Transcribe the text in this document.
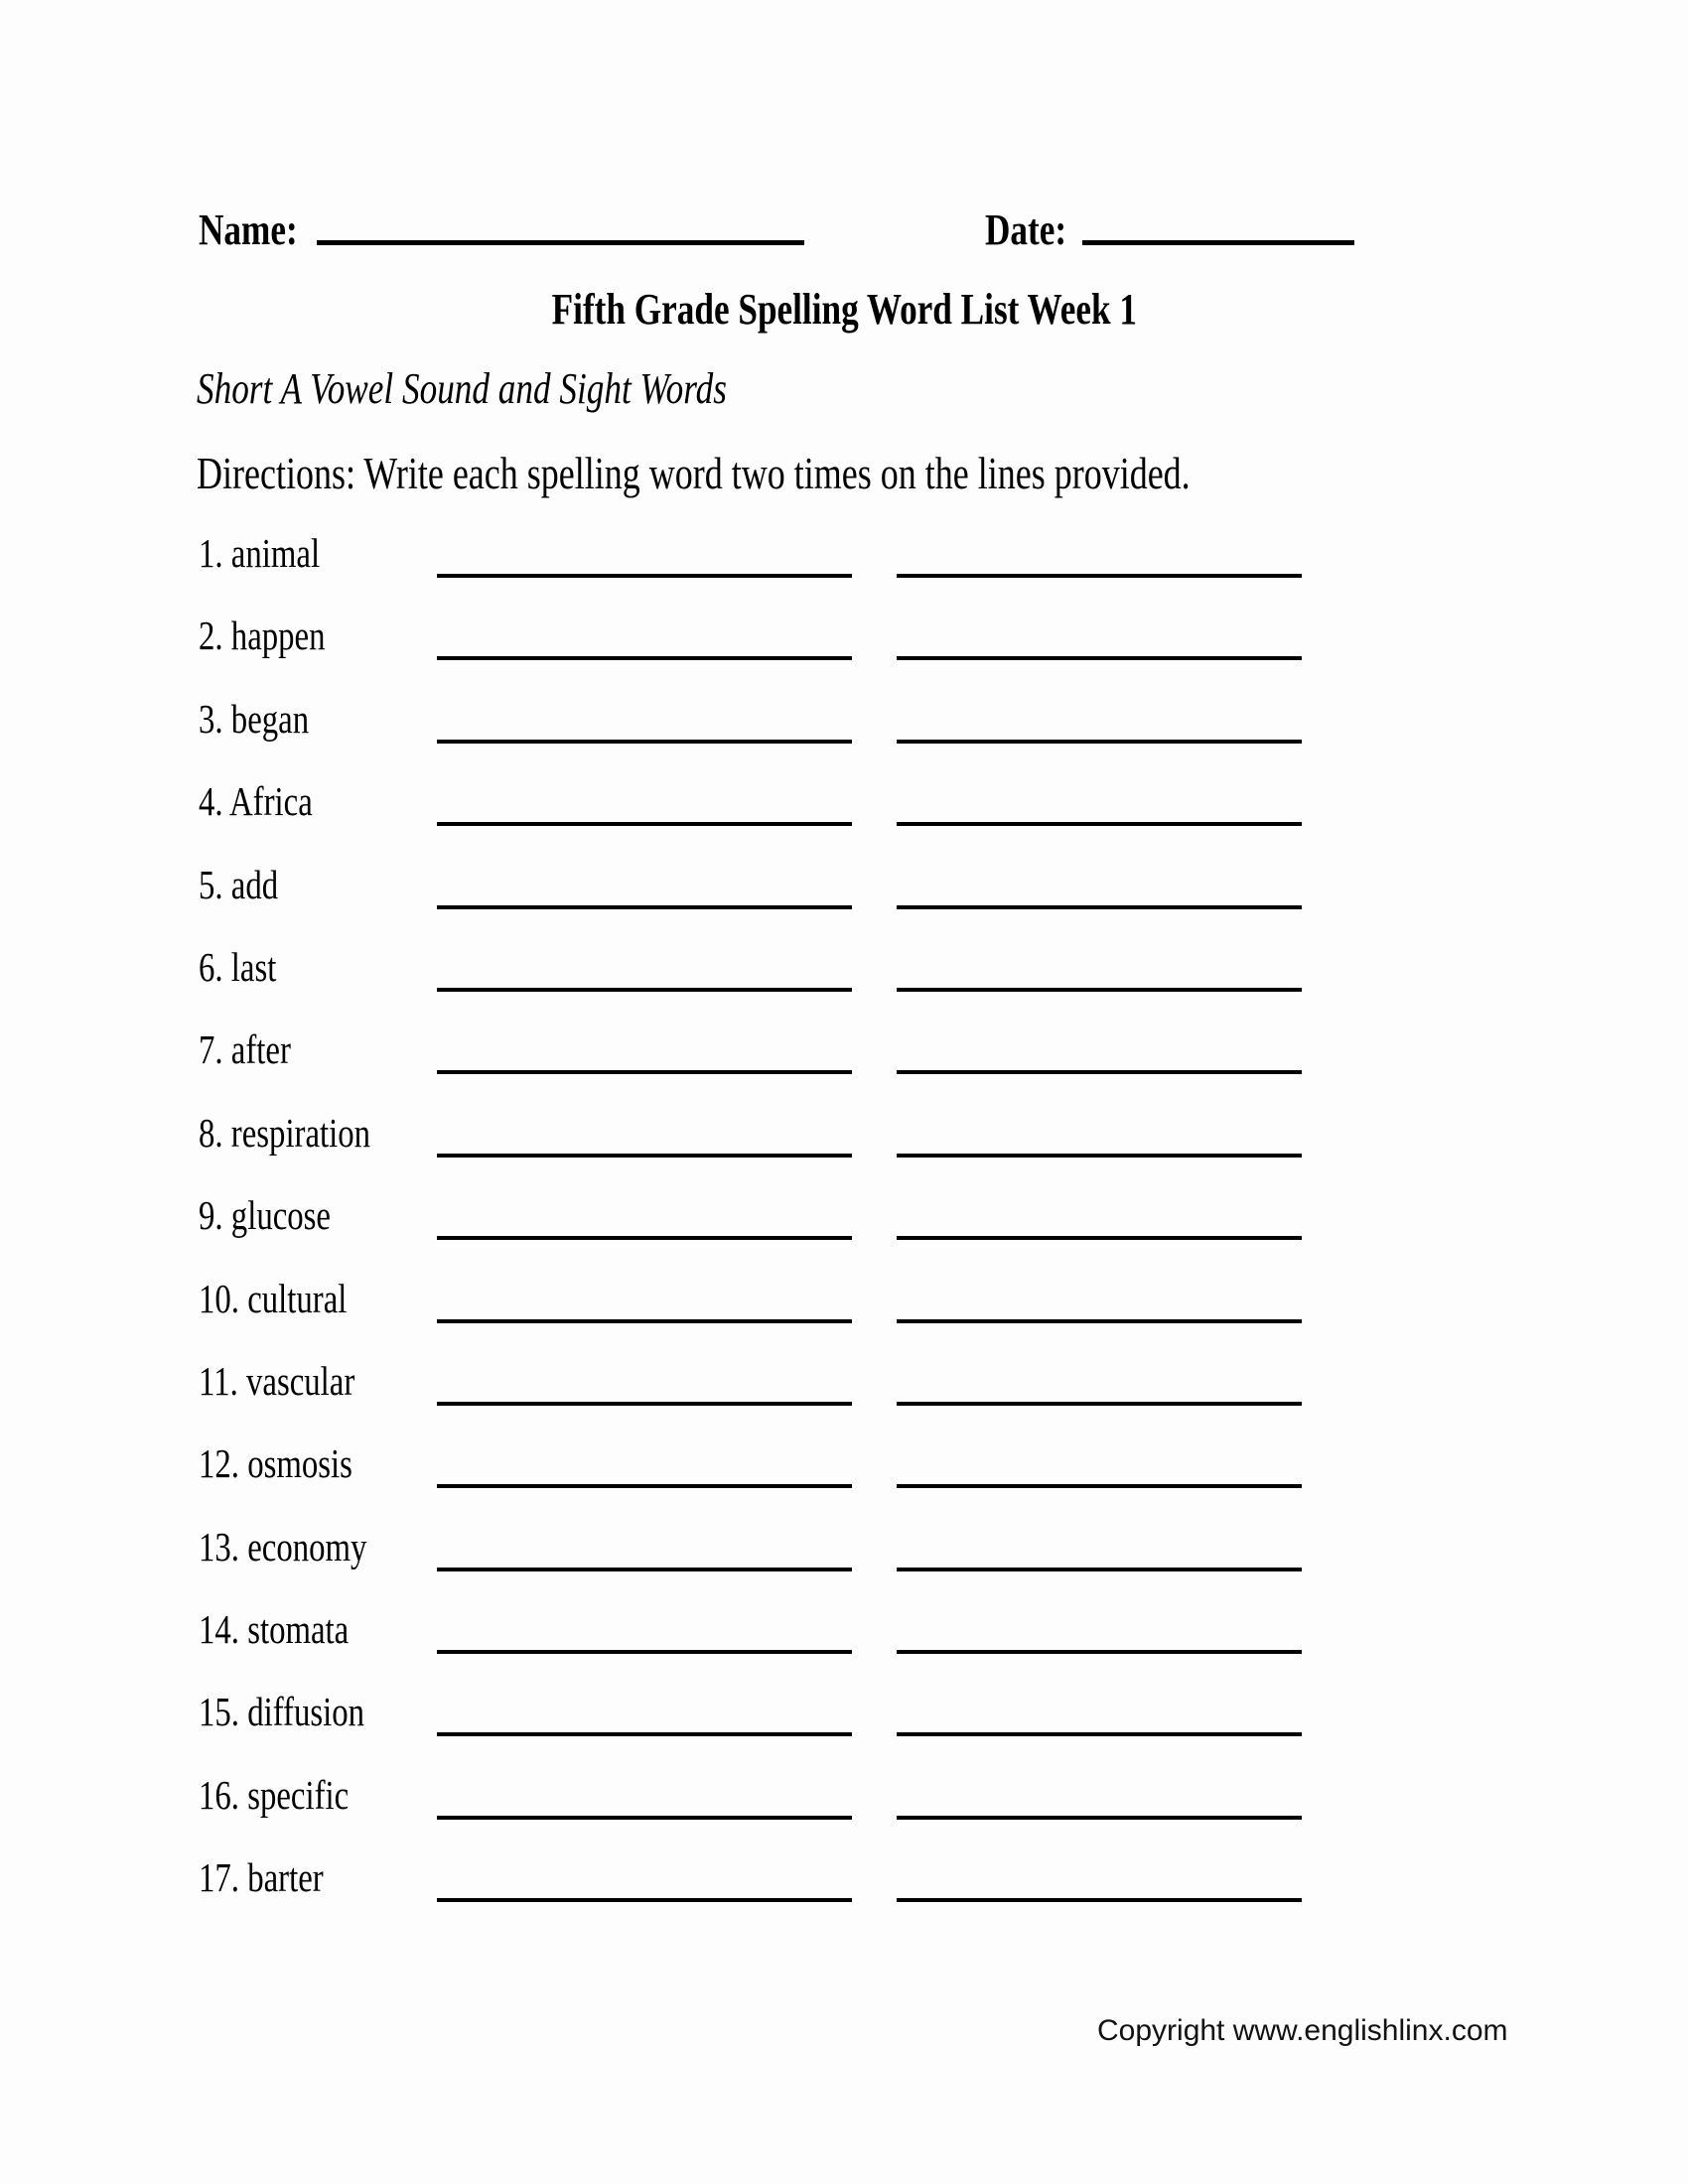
Name:	Date:
Fifth Grade Spelling Word List Week 1
Short A Vowel Sound and Sight Words
Directions: Write each spelling word two times on the lines provided.
1. animal
2. happen
3. began
4. Africa
5. add
6. last
7. after
8. respiration
9. glucose
10. cultural
11. vascular
12. osmosis
13. economy
14. stomata
15. diffusion
16. specific
17. barter
Copyright www.englishlinx.com
